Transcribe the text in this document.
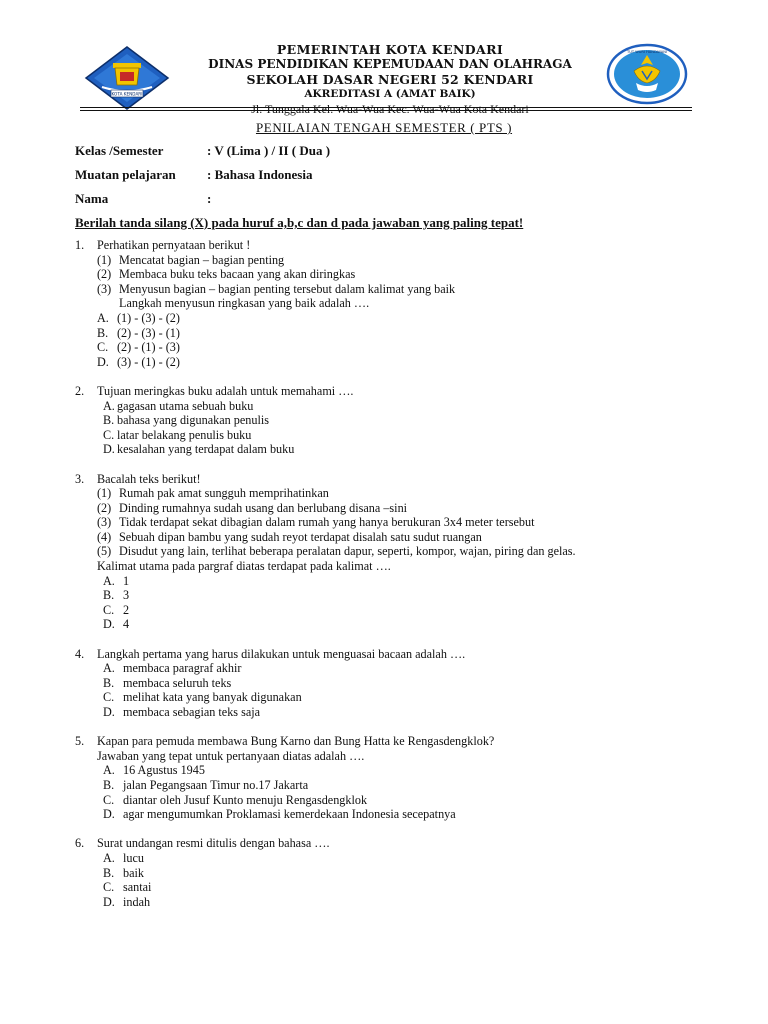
KOTA KENDARI
TUT WURI HANDAYANI
PEMERINTAH KOTA KENDARI
DINAS PENDIDIKAN KEPEMUDAAN DAN OLAHRAGA
SEKOLAH DASAR NEGERI 52 KENDARI
AKREDITASI A (AMAT BAIK)
Jl. Tunggala Kel. Wua-Wua Kec. Wua-Wua Kota Kendari
PENILAIAN TENGAH SEMESTER ( PTS )
Kelas /Semester	: V (Lima ) / II ( Dua )
Muatan pelajaran : Bahasa Indonesia
Nama	:
Berilah tanda silang (X) pada huruf a,b,c dan d pada jawaban yang paling tepat!
1.	Perhatikan pernyataan berikut !
(1) Mencatat bagian – bagian penting
(2) Membaca buku teks bacaan yang akan diringkas
(3) Menyusun bagian – bagian penting tersebut dalam kalimat yang baik
Langkah menyusun ringkasan yang baik adalah ….
A. (1) - (3) - (2)
B. (2) - (3) - (1)
C. (2) - (1) - (3)
D. (3) - (1) - (2)
2.	Tujuan meringkas buku adalah untuk memahami ….
A. gagasan utama sebuah buku
B. bahasa yang digunakan penulis
C. latar belakang penulis buku
D. kesalahan yang terdapat dalam buku
3.	Bacalah teks berikut!
(1) Rumah pak amat sungguh memprihatinkan
(2) Dinding rumahnya sudah usang dan berlubang disana –sini
(3) Tidak terdapat sekat dibagian dalam rumah yang hanya berukuran 3x4 meter tersebut
(4) Sebuah dipan bambu yang sudah reyot terdapat disalah satu sudut ruangan
(5) Disudut yang lain, terlihat beberapa peralatan dapur, seperti, kompor, wajan, piring dan gelas.
Kalimat utama pada pargraf diatas terdapat pada kalimat ….
A. 1
B. 3
C. 2
D. 4
4.	Langkah pertama yang harus dilakukan untuk menguasai bacaan adalah ….
A. membaca paragraf akhir
B. membaca seluruh teks
C. melihat kata yang banyak digunakan
D. membaca sebagian teks saja
5.	Kapan para pemuda membawa Bung Karno dan Bung Hatta ke Rengasdengklok?
Jawaban yang tepat untuk pertanyaan diatas adalah ….
A. 16 Agustus 1945
B. jalan Pegangsaan Timur no.17 Jakarta
C. diantar oleh Jusuf Kunto menuju Rengasdengklok
D. agar mengumumkan Proklamasi kemerdekaan Indonesia secepatnya
6.	Surat undangan resmi ditulis dengan bahasa ….
A. lucu
B. baik
C. santai
D. indah
